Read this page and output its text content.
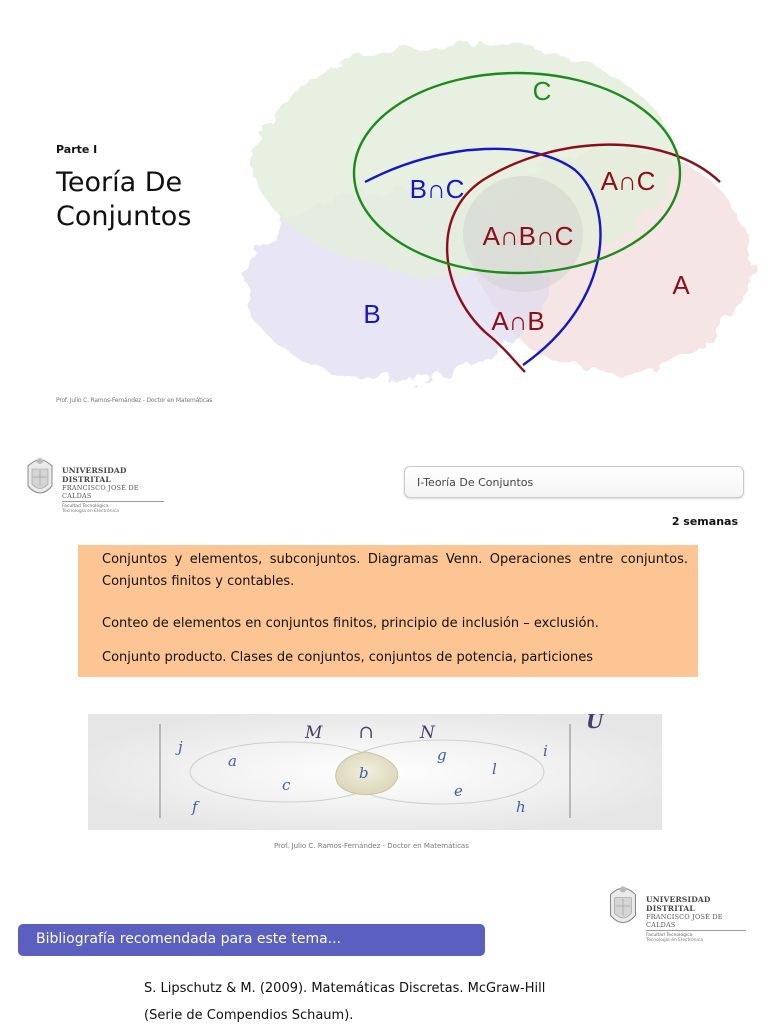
Parte I
Teoría De
Conjuntos
C
B∩C	A∩C
A∩B∩C
A
B	A∩B
Prof. Julio C. Ramos-Fernández - Doctor en Matemáticas
UNIVERSIDAD DISTRITAL
FRANCISCO JOSÉ DE CALDAS
Facultad Tecnológica
Tecnología en Electrónica
I-Teoría De Conjuntos
2 semanas
Conjuntos y elementos, subconjuntos. Diagramas Venn. Operaciones entre conjuntos. Conjuntos finitos y contables.
Conteo de elementos en conjuntos finitos, principio de inclusión – exclusión.
Conjunto producto. Clases de conjuntos, conjuntos de potencia, particiones
M ∩	N	U
j
a
c
f
b
g
l
e
h
i
Prof. Julio C. Ramos-Fernández - Doctor en Matemáticas
UNIVERSIDAD DISTRITAL
FRANCISCO JOSÉ DE CALDAS
Facultad Tecnológica
Tecnología en Electrónica
Bibliografía recomendada para este tema...
S. Lipschutz & M. (2009). Matemáticas Discretas. McGraw-Hill
(Serie de Compendios Schaum).
